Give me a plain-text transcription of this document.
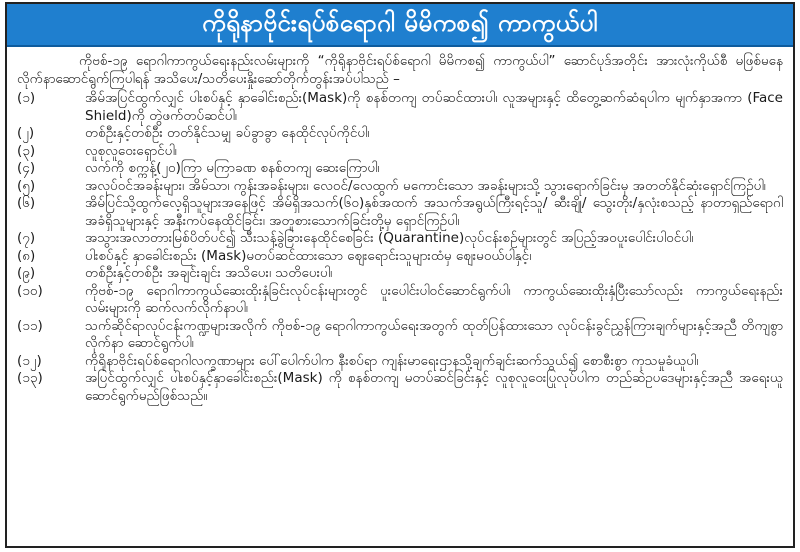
ကိုရိုနာဗိုင်းရပ်စ်ရောဂါ မိမိကစ၍ ကာကွယ်ပါ

ကိုဗစ်-၁၉ ရောဂါကာကွယ်ရေးနည်းလမ်းများကို “ကိုရိုနာဗိုင်းရပ်စ်ရောဂါ မိမိကစ၍ ကာကွယ်ပါ” ဆောင်ပုဒ်အတိုင်း အားလုံးကိုယ်စီ မဖြစ်မနေ လိုက်နာဆောင်ရွက်ကြပါရန် အသိပေး/သတိပေးနှိုးဆော်တိုက်တွန်းအပ်ပါသည် –

(၁)	အိမ်အပြင်ထွက်လျှင် ပါးစပ်နှင့် နှာခေါင်းစည်း(Mask)ကို စနစ်တကျ တပ်ဆင်ထားပါ၊ လူအများနှင့် ထိတွေ့ဆက်ဆံရပါက မျက်နှာအကာ (Face Shield)ကို တွဲဖက်တပ်ဆင်ပါ၊
(၂)	တစ်ဦးနှင့်တစ်ဦး တတ်နိုင်သမျှ ခပ်ခွာခွာ နေထိုင်လုပ်ကိုင်ပါ၊
(၃)	လူစုလူဝေးရှောင်ပါ၊
(၄)	လက်ကို စက္ကန့်(၂၀)ကြာ မကြာခဏ စနစ်တကျ ဆေးကြောပါ၊
(၅)	အလုပ်ဝင်အခန်းများ၊ အိမ်သာ၊ ကွန်းအခန်းများ၊ လေဝင်/လေထွက် မကောင်းသော အခန်းများသို့ သွားရောက်ခြင်းမှ အတတ်နိုင်ဆုံးရှောင်ကြဉ်ပါ၊
(၆)	အိမ်ပြင်သို့ထွက်လေ့ရှိသူများအနေဖြင့် အိမ်ရှိအသက်(၆၀)နှစ်အထက် အသက်အရွယ်ကြီးရင့်သူ/ ဆီးချို/ သွေးတိုး/နှလုံးစသည့် နာတာရှည်ရောဂါ အခံရှိသူများနှင့် အနီးကပ်နေထိုင်ခြင်း၊ အတူစားသောက်ခြင်းတို့မှ ရှောင်ကြဉ်ပါ၊
(၇)	အသွားအလာတားမြစ်ပိတ်ပင်၍ သီးသန့်ခွဲခြားနေထိုင်စေခြင်း (Quarantine)လုပ်ငန်းစဉ်များတွင် အပြည့်အဝပူးပေါင်းပါဝင်ပါ၊
(၈)	ပါးစပ်နှင့် နှာခေါင်းစည်း (Mask)မတပ်ဆင်ထားသော ဈေးရောင်းသူများထံမှ ဈေးမဝယ်ပါနှင့်၊
(၉)	တစ်ဦးနှင့်တစ်ဦး အချင်းချင်း အသိပေး၊ သတိပေးပါ၊
(၁၀)	ကိုဗစ်-၁၉ ရောဂါကာကွယ်ဆေးထိုးနှံခြင်းလုပ်ငန်းများတွင် ပူးပေါင်းပါဝင်ဆောင်ရွက်ပါ၊ ကာကွယ်ဆေးထိုးနှံပြီးသော်လည်း ကာကွယ်ရေးနည်းလမ်းများကို ဆက်လက်လိုက်နာပါ၊
(၁၁)	သက်ဆိုင်ရာလုပ်ငန်းကဏ္ဍများအလိုက် ကိုဗစ်-၁၉ ရောဂါကာကွယ်ရေးအတွက် ထုတ်ပြန်ထားသော လုပ်ငန်းခွင်ညွှန်ကြားချက်များနှင့်အညီ တိကျစွာလိုက်နာ ဆောင်ရွက်ပါ၊
(၁၂)	ကိုရိုနာဗိုင်းရပ်စ်ရောဂါလက္ခဏာများ ပေါ်ပေါက်ပါက နီးစပ်ရာ ကျန်းမာရေးဌာနသို့ချက်ချင်းဆက်သွယ်၍ စောစီးစွာ ကုသမှုခံယူပါ၊
(၁၃)	အပြင်ထွက်လျှင် ပါးစပ်နှင့်နှာခေါင်းစည်း(Mask) ကို စနစ်တကျ မတပ်ဆင်ခြင်းနှင့် လူစုလူဝေးပြုလုပ်ပါက တည်ဆဲဥပဒေများနှင့်အညီ အရေးယူဆောင်ရွက်မည်ဖြစ်သည်။
